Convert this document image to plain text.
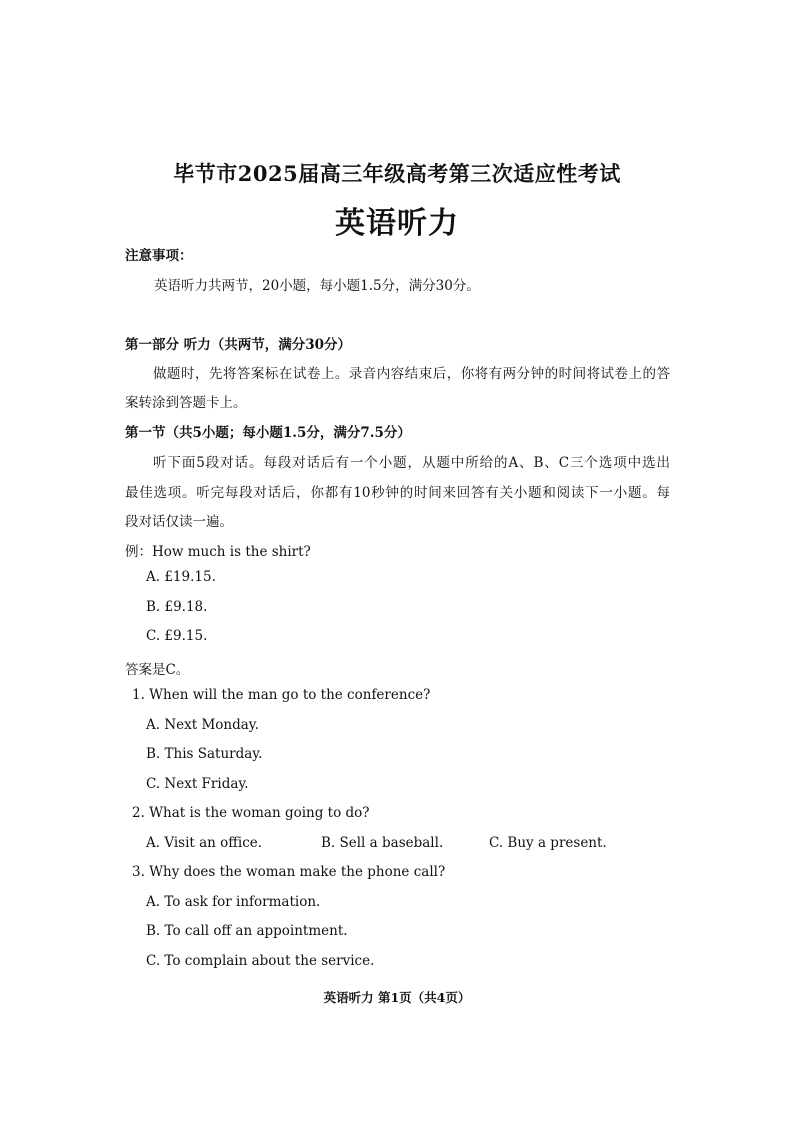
毕节市2025届高三年级高考第三次适应性考试
英语听力
注意事项：
英语听力共两节，20小题，每小题1.5分，满分30分。
第一部分 听力（共两节，满分30分）
做题时，先将答案标在试卷上。录音内容结束后，你将有两分钟的时间将试卷上的答
案转涂到答题卡上。
第一节（共5小题；每小题1.5分，满分7.5分）
听下面5段对话。每段对话后有一个小题，从题中所给的A、B、C三个选项中选出
最佳选项。听完每段对话后，你都有10秒钟的时间来回答有关小题和阅读下一小题。每
段对话仅读一遍。
例：How much is the shirt?
A. £19.15.
B. £9.18.
C. £9.15.
答案是C。
1. When will the man go to the conference?
A. Next Monday.
B. This Saturday.
C. Next Friday.
2. What is the woman going to do?
A. Visit an office.	B. Sell a baseball.	C. Buy a present.
3. Why does the woman make the phone call?
A. To ask for information.
B. To call off an appointment.
C. To complain about the service.
英语听力 第1页（共4页）
